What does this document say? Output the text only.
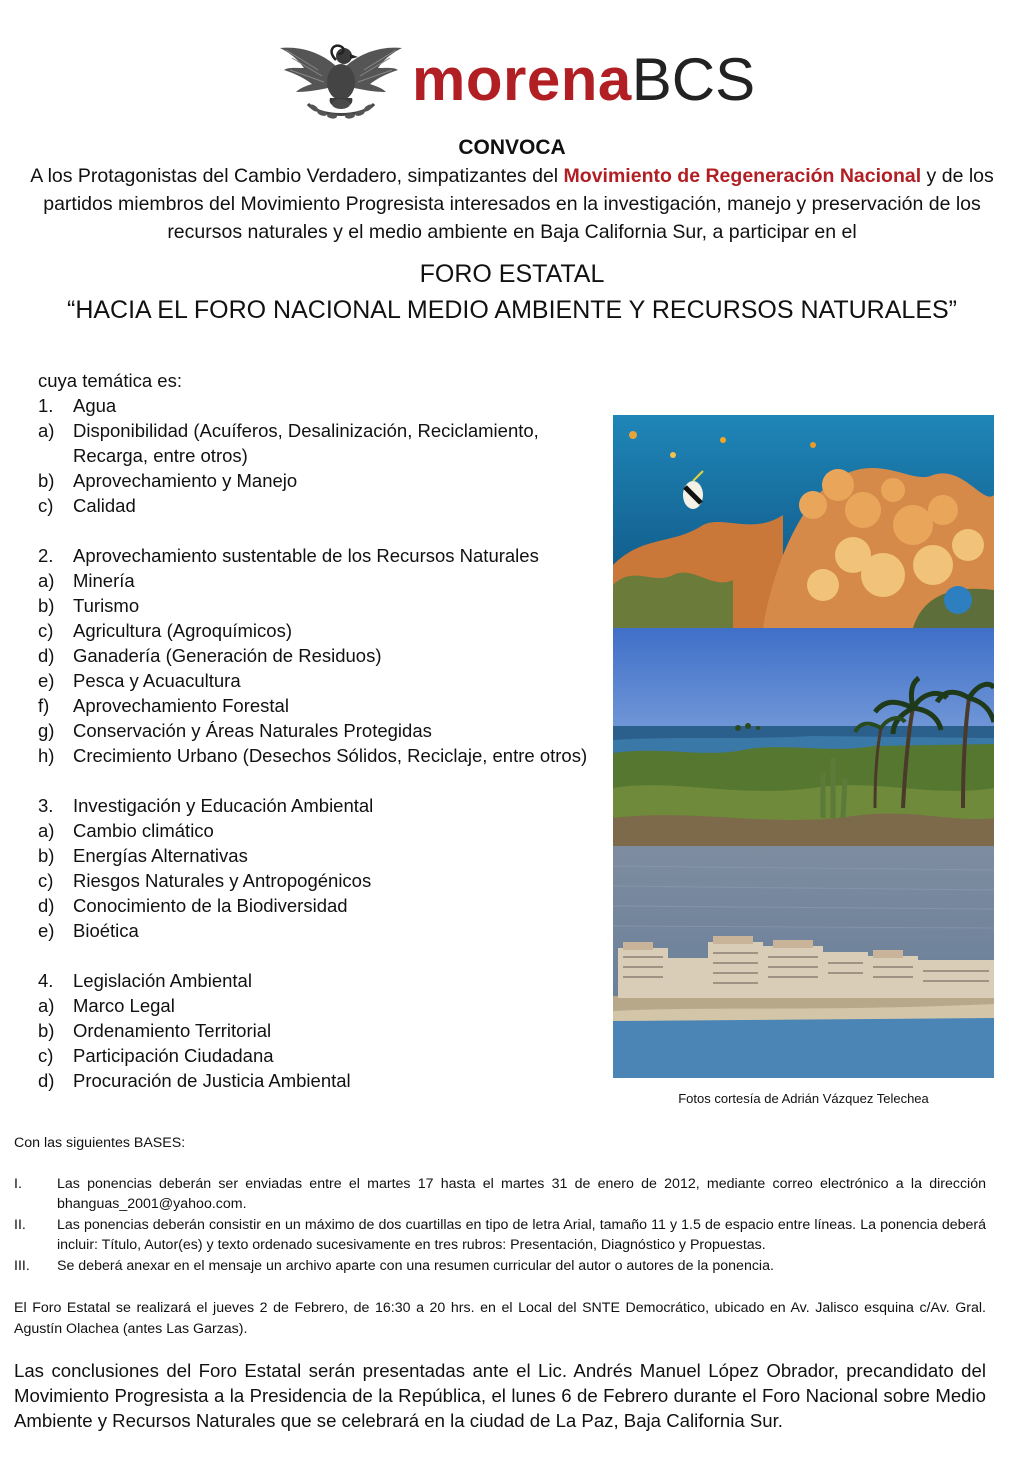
morenaBCS
CONVOCA
A los Protagonistas del Cambio Verdadero, simpatizantes del Movimiento de Regeneración Nacional y de los partidos miembros del Movimiento Progresista interesados en la investigación, manejo y preservación de los recursos naturales y el medio ambiente en Baja California Sur, a participar en el
FORO ESTATAL
“HACIA EL FORO NACIONAL MEDIO AMBIENTE Y RECURSOS NATURALES”
cuya temática es:
1.	Agua
a)	Disponibilidad (Acuíferos, Desalinización, Reciclamiento, Recarga, entre otros)
b)	Aprovechamiento y Manejo
c)	Calidad
2.	Aprovechamiento sustentable de los Recursos Naturales
a)	Minería
b)	Turismo
c)	Agricultura (Agroquímicos)
d)	Ganadería (Generación de Residuos)
e)	Pesca y Acuacultura
f)	Aprovechamiento Forestal
g)	Conservación y Áreas Naturales Protegidas
h)	Crecimiento Urbano (Desechos Sólidos, Reciclaje, entre otros)
3.	Investigación y Educación Ambiental
a)	Cambio climático
b)	Energías Alternativas
c)	Riesgos Naturales y Antropogénicos
d)	Conocimiento de la Biodiversidad
e)	Bioética
4.	Legislación Ambiental
a)	Marco Legal
b)	Ordenamiento Territorial
c)	Participación Ciudadana
d)	Procuración de Justicia Ambiental
Fotos cortesía de Adrián Vázquez Telechea
Con las siguientes BASES:
I.	Las ponencias deberán ser enviadas entre el martes 17 hasta el martes 31 de enero de 2012, mediante correo electrónico a la dirección bhanguas_2001@yahoo.com.
II.	Las ponencias deberán consistir en un máximo de dos cuartillas en tipo de letra Arial, tamaño 11 y 1.5 de espacio entre líneas. La ponencia deberá incluir: Título, Autor(es) y texto ordenado sucesivamente en tres rubros: Presentación, Diagnóstico y Propuestas.
III.	Se deberá anexar en el mensaje un archivo aparte con una resumen curricular del autor o autores de la ponencia.
El Foro Estatal se realizará el jueves 2 de Febrero, de 16:30 a 20 hrs. en el Local del SNTE Democrático, ubicado en Av. Jalisco esquina c/Av. Gral. Agustín Olachea (antes Las Garzas).
Las conclusiones del Foro Estatal serán presentadas ante el Lic. Andrés Manuel López Obrador, precandidato del Movimiento Progresista a la Presidencia de la República, el lunes 6 de Febrero durante el Foro Nacional sobre Medio Ambiente y Recursos Naturales que se celebrará en la ciudad de La Paz, Baja California Sur.
